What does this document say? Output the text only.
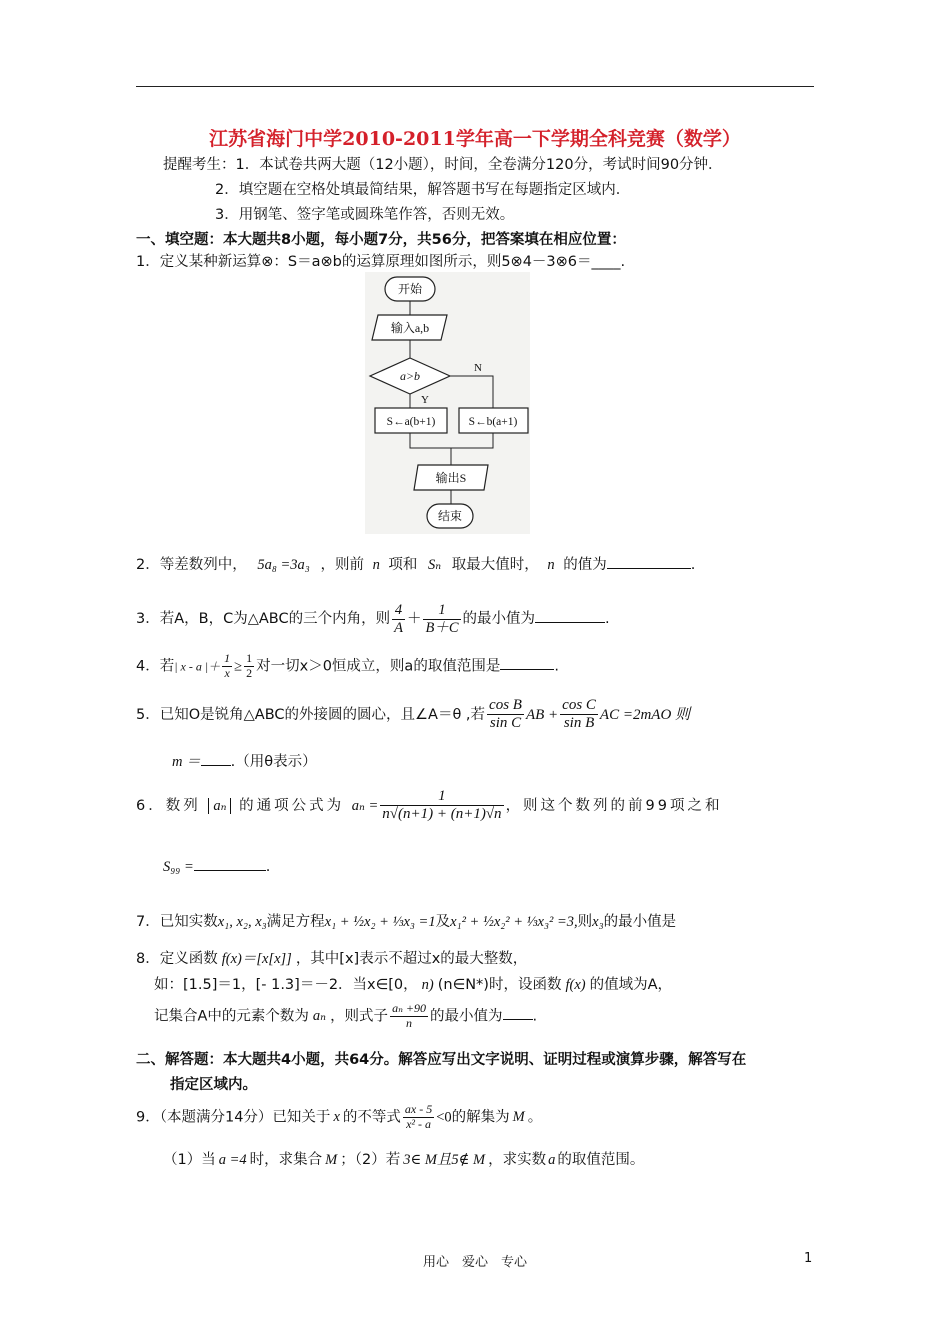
江苏省海门中学2010-2011学年高一下学期全科竞赛（数学）
提醒考生：1．本试卷共两大题（12小题），时间，全卷满分120分，考试时间90分钟．
2．填空题在空格处填最简结果，解答题书写在每题指定区域内．
3．用钢笔、签字笔或圆珠笔作答，否则无效。
一、填空题：本大题共8小题，每小题7分，共56分，把答案填在相应位置：
1．定义某种新运算⊗：S＝a⊗b的运算原理如图所示，则5⊗4－3⊗6＝____.
开始
输入a,b
a>b
N
Y
S←a(b+1)	S←b(a+1)
输出S
结束
2．等差数列中， 5a₈ =3a₃ ，则前 n 项和 Sₙ 取最大值时， n 的值为	.
3．若A，B，C为△ABC的三个内角，则 $\frac{4}{A} + \frac{1}{B+C}$ 的最小值为	.
4．若| x - a |＋ $\frac{1}{x} \ge \frac{1}{2}$ 对一切x＞0恒成立，则a的取值范围是	.
5．已知O是锐角△ABC的外接圆的圆心，且∠A＝θ ,若 $\frac{\text{cos B}}{\text{sin C}}$ AB + $\frac{\text{cos C}}{\text{sin B}}$ AC =2mAO 则
m ＝ .（用θ表示）
6．数列 aₙ 的通项公式为 $a_n = \frac{1}{n√(n+1) + (n+1)√n}$ ，则这个数列的前99项之和
S₉₉ =	.
7．已知实数x₁, x₂, x₃满足方程x₁ + ½x₂ + ⅓x₃ =1及x₁² + ½x₂² + ⅓x₃² =3,则x₃的最小值是
8．定义函数 f(x)＝[x[x]] ，其中[x]表示不超过x的最大整数，
如：[1.5]＝1，[- 1.3]＝－2．当x∈[0， n) (n∈N*)时，设函数 f(x) 的值域为A，
记集合A中的元素个数为 aₙ ，则式子 $\frac{\text{aₙ +90}}{n}$ 的最小值为 .
二、解答题：本大题共4小题，共64分。解答应写出文字说明、证明过程或演算步骤，解答写在
指定区域内。
9．（本题满分14分）已知关于 x 的不等式 $\frac{ax - 5}{\text{x² - a}} <0$的解集为 M 。
（1）当 a =4 时，求集合 M ；（2）若 3∈ M且5∉ M ，求实数 a 的取值范围。
用心　爱心　专心	1
